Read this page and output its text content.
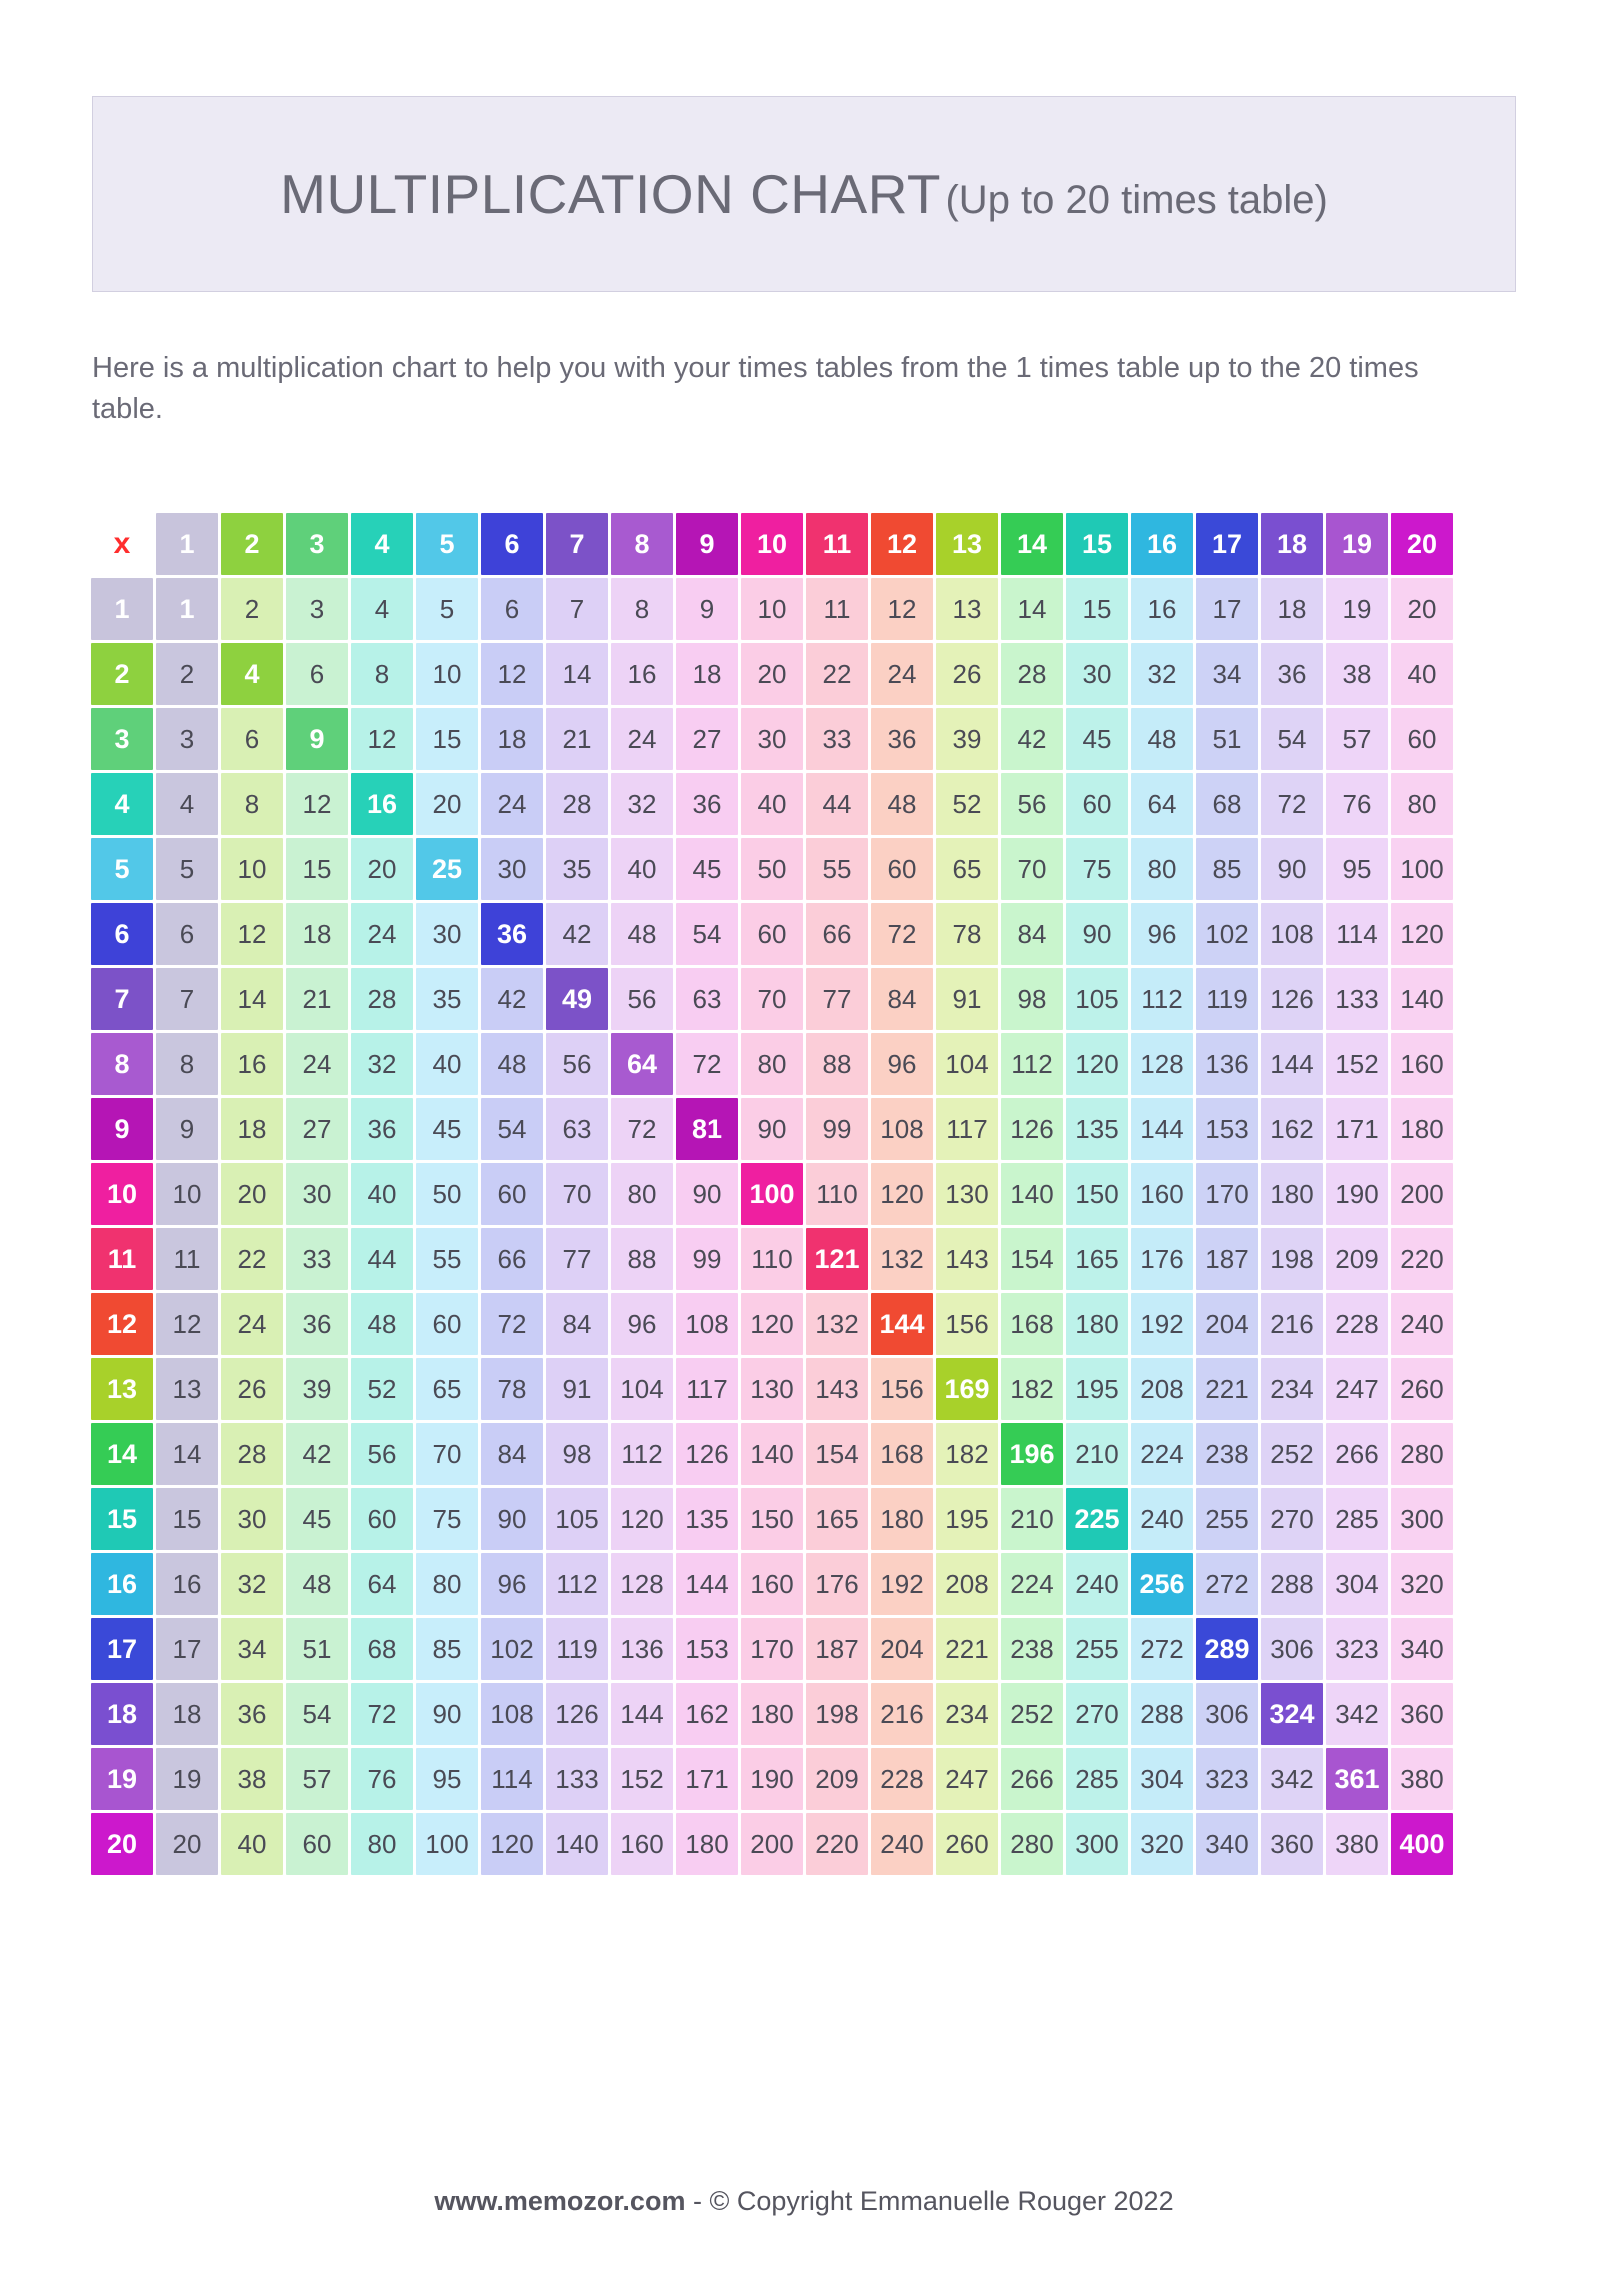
MULTIPLICATION CHART (Up to 20 times table)
Here is a multiplication chart to help you with your times tables from the 1 times table up to the 20 times table.
x	1	2	3	4	5	6	7	8	9	10	11	12	13	14	15	16	17	18	19	20
1	1	2	3	4	5	6	7	8	9	10	11	12	13	14	15	16	17	18	19	20
2	2	4	6	8	10	12	14	16	18	20	22	24	26	28	30	32	34	36	38	40
3	3	6	9	12	15	18	21	24	27	30	33	36	39	42	45	48	51	54	57	60
4	4	8	12	16	20	24	28	32	36	40	44	48	52	56	60	64	68	72	76	80
5	5	10	15	20	25	30	35	40	45	50	55	60	65	70	75	80	85	90	95	100
6	6	12	18	24	30	36	42	48	54	60	66	72	78	84	90	96	102	108	114	120
7	7	14	21	28	35	42	49	56	63	70	77	84	91	98	105	112	119	126	133	140
8	8	16	24	32	40	48	56	64	72	80	88	96	104	112	120	128	136	144	152	160
9	9	18	27	36	45	54	63	72	81	90	99	108	117	126	135	144	153	162	171	180
10	10	20	30	40	50	60	70	80	90	100	110	120	130	140	150	160	170	180	190	200
11	11	22	33	44	55	66	77	88	99	110	121	132	143	154	165	176	187	198	209	220
12	12	24	36	48	60	72	84	96	108	120	132	144	156	168	180	192	204	216	228	240
13	13	26	39	52	65	78	91	104	117	130	143	156	169	182	195	208	221	234	247	260
14	14	28	42	56	70	84	98	112	126	140	154	168	182	196	210	224	238	252	266	280
15	15	30	45	60	75	90	105	120	135	150	165	180	195	210	225	240	255	270	285	300
16	16	32	48	64	80	96	112	128	144	160	176	192	208	224	240	256	272	288	304	320
17	17	34	51	68	85	102	119	136	153	170	187	204	221	238	255	272	289	306	323	340
18	18	36	54	72	90	108	126	144	162	180	198	216	234	252	270	288	306	324	342	360
19	19	38	57	76	95	114	133	152	171	190	209	228	247	266	285	304	323	342	361	380
20	20	40	60	80	100	120	140	160	180	200	220	240	260	280	300	320	340	360	380	400
www.memozor.com - © Copyright Emmanuelle Rouger 2022
